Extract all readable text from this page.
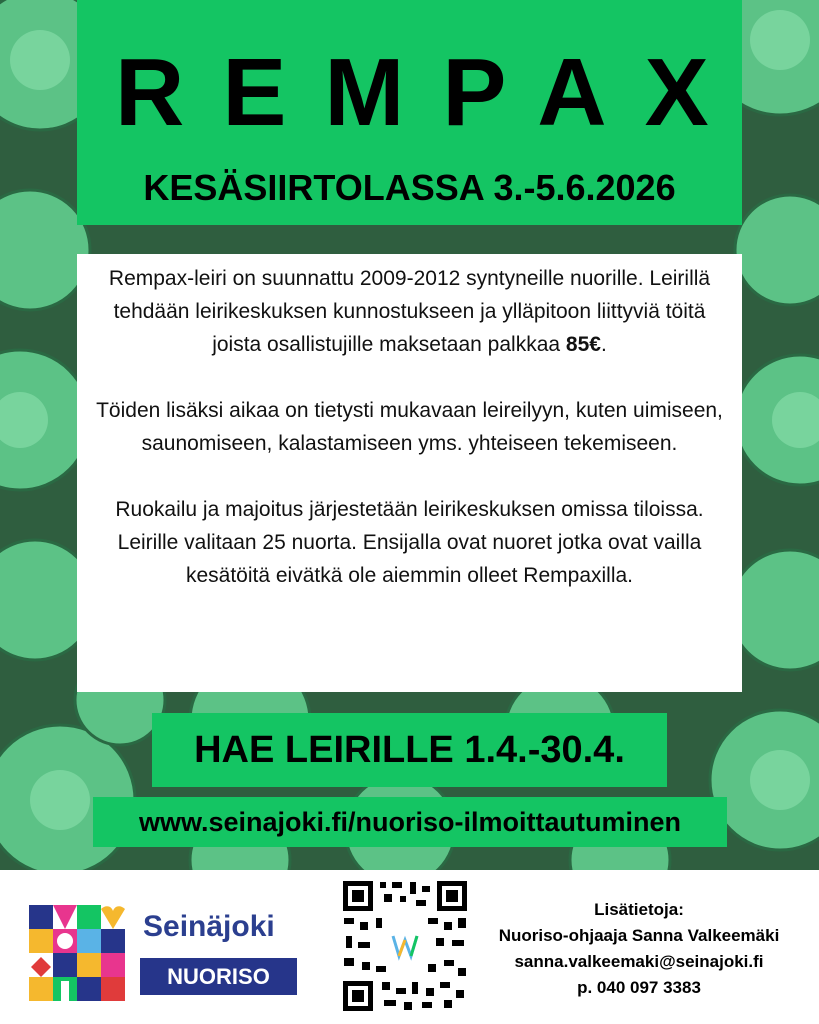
REMPAX
KESÄSIIRTOLASSA 3.-5.6.2026

Rempax-leiri on suunnattu 2009-2012 syntyneille nuorille. Leirillä tehdään leirikeskuksen kunnostukseen ja ylläpitoon liittyviä töitä joista osallistujille maksetaan palkkaa 85€.

Töiden lisäksi aikaa on tietysti mukavaan leireilyyn, kuten uimiseen, saunomiseen, kalastamiseen yms. yhteiseen tekemiseen.

Ruokailu ja majoitus järjestetään leirikeskuksen omissa tiloissa. Leirille valitaan 25 nuorta. Ensijalla ovat nuoret jotka ovat vailla kesätöitä eivätkä ole aiemmin olleet Rempaxilla.

HAE LEIRILLE 1.4.-30.4.
www.seinajoki.fi/nuoriso-ilmoittautuminen
Seinäjoki
NUORISO
Lisätietoja:
Nuoriso-ohjaaja Sanna Valkeemäki
sanna.valkeemaki@seinajoki.fi
p. 040 097 3383
